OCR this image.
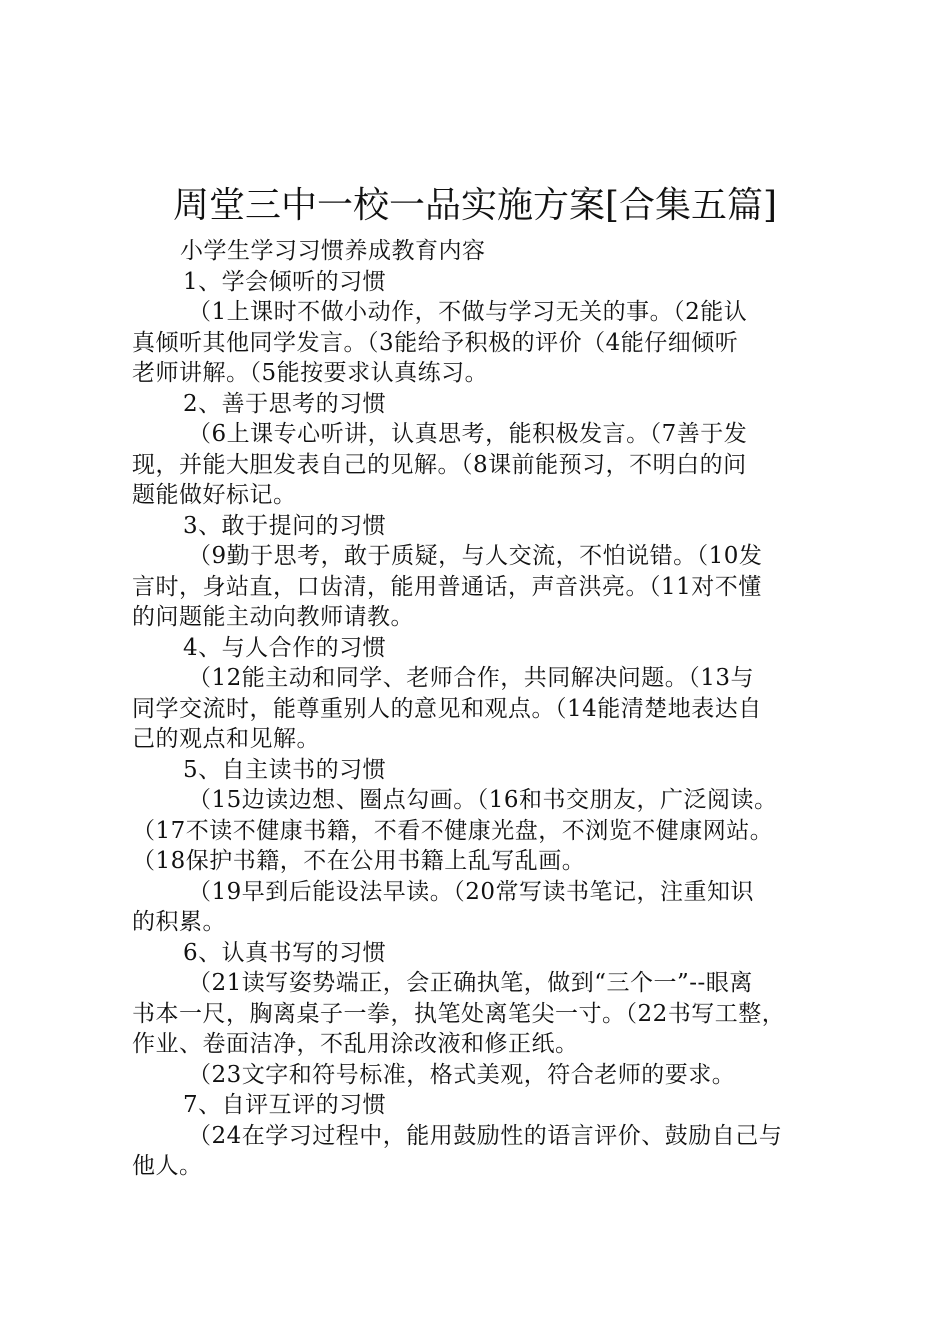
周堂三中一校一品实施方案[合集五篇]
小学生学习习惯养成教育内容
1、学会倾听的习惯
（1上课时不做小动作，不做与学习无关的事。（2能认
真倾听其他同学发言。（3能给予积极的评价（4能仔细倾听
老师讲解。（5能按要求认真练习。
2、善于思考的习惯
（6上课专心听讲，认真思考，能积极发言。（7善于发
现，并能大胆发表自己的见解。（8课前能预习，不明白的问
题能做好标记。
3、敢于提问的习惯
（9勤于思考，敢于质疑，与人交流，不怕说错。（10发
言时，身站直，口齿清，能用普通话，声音洪亮。（11对不懂
的问题能主动向教师请教。
4、与人合作的习惯
（12能主动和同学、老师合作，共同解决问题。（13与
同学交流时，能尊重别人的意见和观点。（14能清楚地表达自
己的观点和见解。
5、自主读书的习惯
（15边读边想、圈点勾画。（16和书交朋友，广泛阅读。
（17不读不健康书籍，不看不健康光盘，不浏览不健康网站。
（18保护书籍，不在公用书籍上乱写乱画。
（19早到后能设法早读。（20常写读书笔记，注重知识
的积累。
6、认真书写的习惯
（21读写姿势端正，会正确执笔，做到“三个一”--眼离
书本一尺，胸离桌子一拳，执笔处离笔尖一寸。（22书写工整，
作业、卷面洁净，不乱用涂改液和修正纸。
（23文字和符号标准，格式美观，符合老师的要求。
7、自评互评的习惯
（24在学习过程中，能用鼓励性的语言评价、鼓励自己与
他人。
